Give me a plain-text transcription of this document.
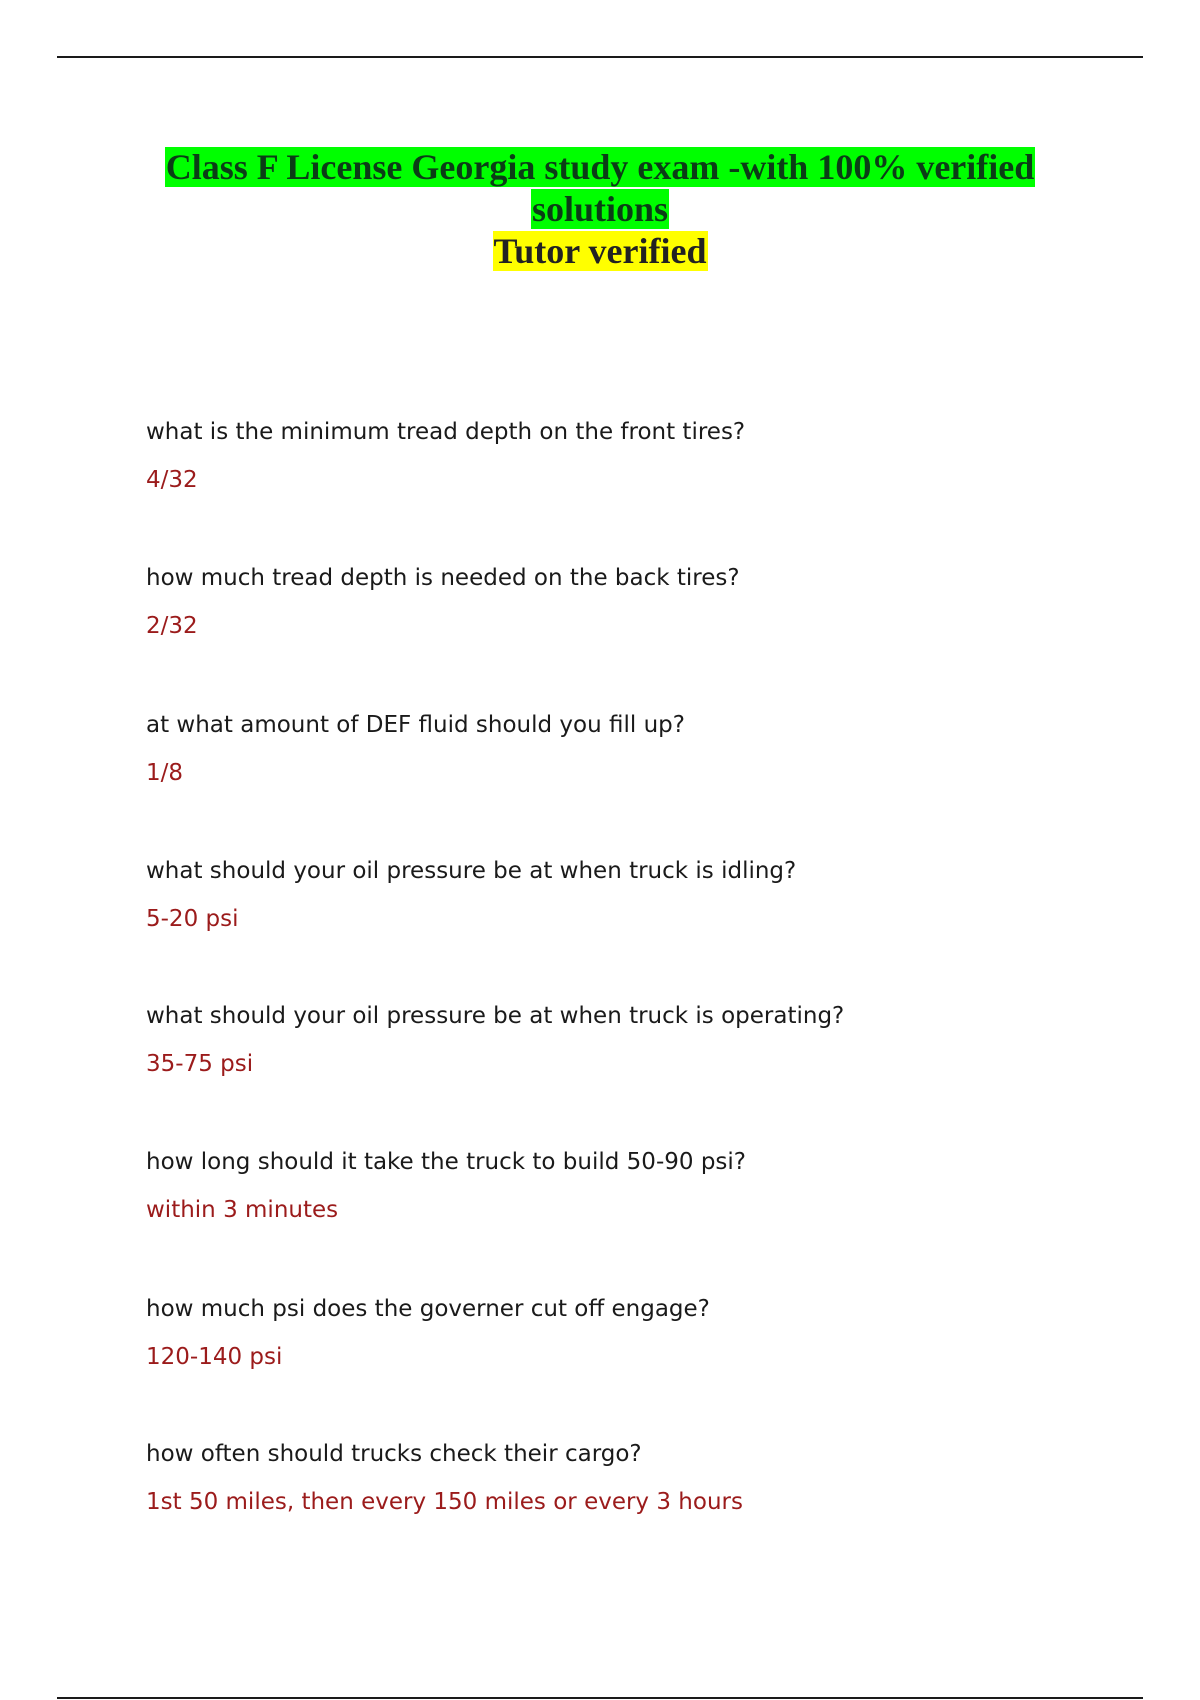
Class F License Georgia study exam -with 100% verified
solutions
Tutor verified

what is the minimum tread depth on the front tires?

4/32

how much tread depth is needed on the back tires?

2/32

at what amount of DEF fluid should you fill up?

1/8

what should your oil pressure be at when truck is idling?

5-20 psi

what should your oil pressure be at when truck is operating?

35-75 psi

how long should it take the truck to build 50-90 psi?

within 3 minutes

how much psi does the governer cut off engage?

120-140 psi

how often should trucks check their cargo?

1st 50 miles, then every 150 miles or every 3 hours
